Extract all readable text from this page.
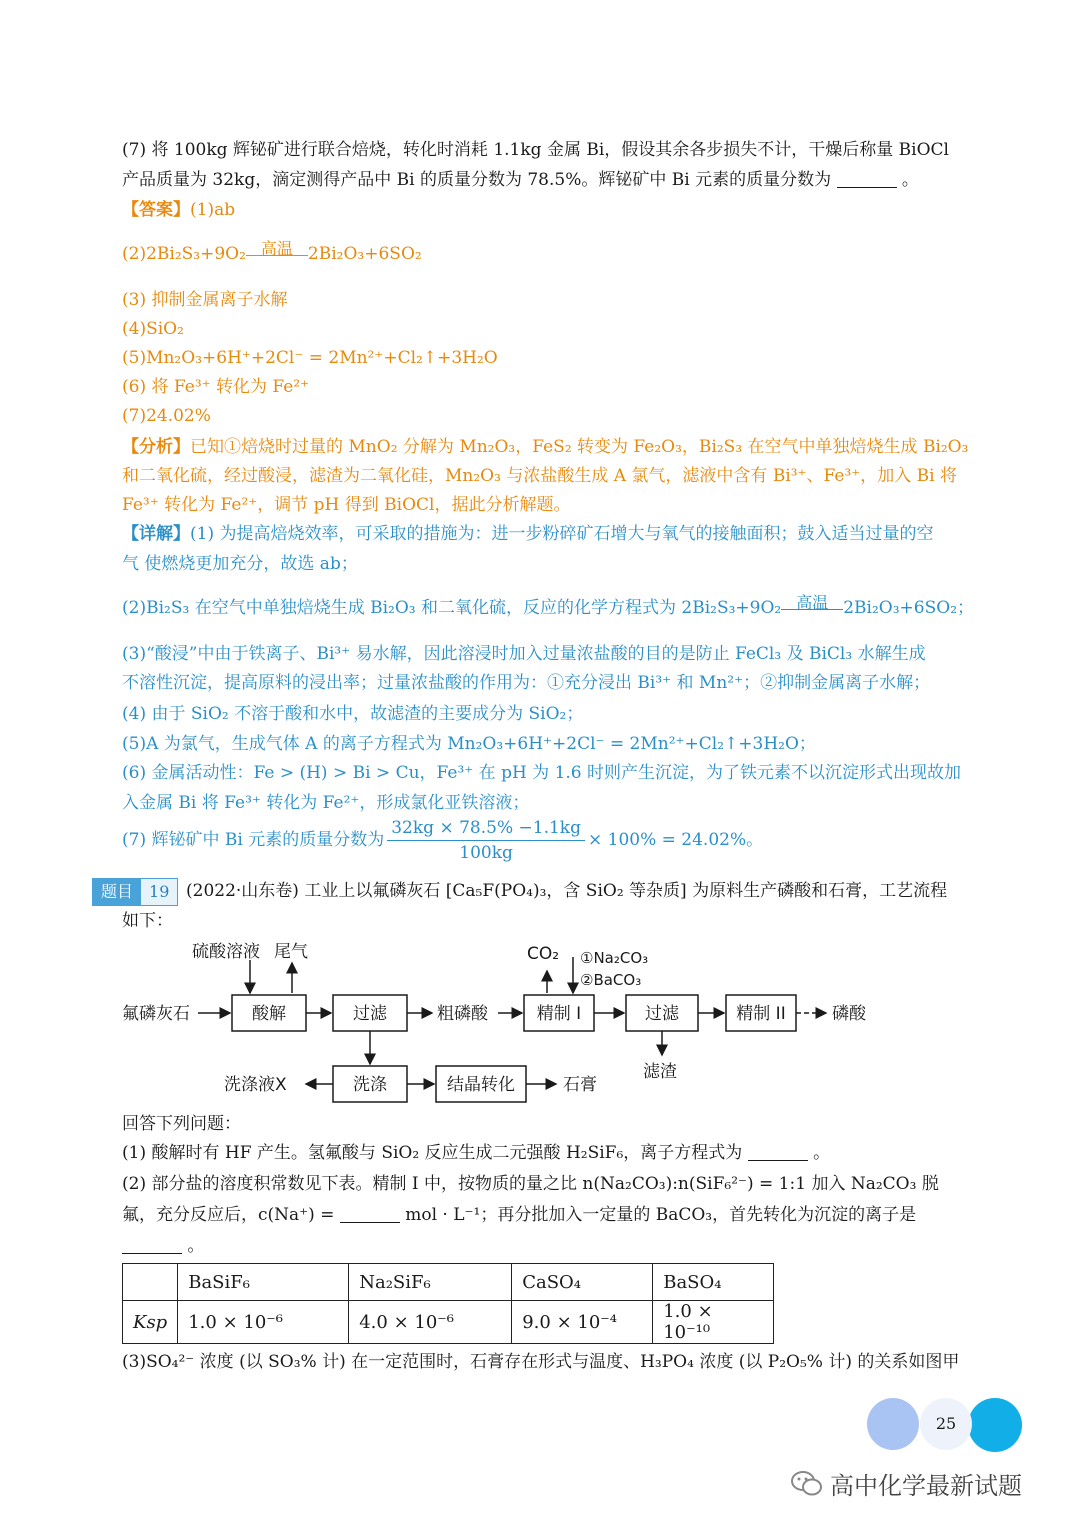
(7) 将 100kg 辉铋矿进行联合焙烧，转化时消耗 1.1kg 金属 Bi，假设其余各步损失不计，干燥后称量 BiOCl
产品质量为 32kg，滴定测得产品中 Bi 的质量分数为 78.5%。辉铋矿中 Bi 元素的质量分数为	。
【答案】(1)ab
(2)2Bi₂S₃+9O₂ 高温 2Bi₂O₃+6SO₂
(3) 抑制金属离子水解
(4)SiO₂
(5)Mn₂O₃+6H⁺+2Cl⁻ = 2Mn²⁺+Cl₂↑+3H₂O
(6) 将 Fe³⁺ 转化为 Fe²⁺
(7)24.02%
【分析】已知①焙烧时过量的 MnO₂ 分解为 Mn₂O₃，FeS₂ 转变为 Fe₂O₃，Bi₂S₃ 在空气中单独焙烧生成 Bi₂O₃
和二氧化硫，经过酸浸，滤渣为二氧化硅，Mn₂O₃ 与浓盐酸生成 A 氯气，滤液中含有 Bi³⁺、Fe³⁺，加入 Bi 将
Fe³⁺ 转化为 Fe²⁺，调节 pH 得到 BiOCl，据此分析解题。
【详解】(1) 为提高焙烧效率，可采取的措施为：进一步粉碎矿石增大与氧气的接触面积；鼓入适当过量的空
气 使燃烧更加充分，故选 ab；
(2)Bi₂S₃ 在空气中单独焙烧生成 Bi₂O₃ 和二氧化硫，反应的化学方程式为 2Bi₂S₃+9O₂ 高温 2Bi₂O₃+6SO₂；
(3)“酸浸”中由于铁离子、Bi³⁺ 易水解，因此溶浸时加入过量浓盐酸的目的是防止 FeCl₃ 及 BiCl₃ 水解生成
不溶性沉淀，提高原料的浸出率；过量浓盐酸的作用为：①充分浸出 Bi³⁺ 和 Mn²⁺；②抑制金属离子水解；
(4) 由于 SiO₂ 不溶于酸和水中，故滤渣的主要成分为 SiO₂；
(5)A 为氯气，生成气体 A 的离子方程式为 Mn₂O₃+6H⁺+2Cl⁻ = 2Mn²⁺+Cl₂↑+3H₂O；
(6) 金属活动性：Fe > (H) > Bi > Cu，Fe³⁺ 在 pH 为 1.6 时则产生沉淀，为了铁元素不以沉淀形式出现故加
入金属 Bi 将 Fe³⁺ 转化为 Fe²⁺，形成氯化亚铁溶液；
(7) 辉铋矿中 Bi 元素的质量分数为 $\frac{32kg \times 78.5\% -1.1kg}{100kg} \times 100\% = 24.02\%$。
题目	19 (2022·山东卷) 工业上以氟磷灰石 [Ca₅F(PO₄)₃，含 SiO₂ 等杂质] 为原料生产磷酸和石膏，工艺流程
如下：
氟磷灰石
硫酸溶液 尾气
酸解	过滤	粗磷酸
CO₂ ①Na₂CO₃
②BaCO₃
精制 I	过滤	精制 II	磷酸
滤渣
洗涤
洗涤液X	结晶转化	石膏
回答下列问题：
(1) 酸解时有 HF 产生。氢氟酸与 SiO₂ 反应生成二元强酸 H₂SiF₆，离子方程式为	。
(2) 部分盐的溶度积常数见下表。精制 I 中，按物质的量之比 n(Na₂CO₃):n(SiF₆²⁻) = 1:1 加入 Na₂CO₃ 脱
氟，充分反应后，c(Na⁺) =	mol · L⁻¹；再分批加入一定量的 BaCO₃，首先转化为沉淀的离子是
。
	BaSiF₆	Na₂SiF₆	CaSO₄	BaSO₄
Ksp	1.0 × 10⁻⁶	4.0 × 10⁻⁶	9.0 × 10⁻⁴	1.0 × 10⁻¹⁰
(3)SO₄²⁻ 浓度 (以 SO₃% 计) 在一定范围时，石膏存在形式与温度、H₃PO₄ 浓度 (以 P₂O₅% 计) 的关系如图甲
25
高中化学最新试题
